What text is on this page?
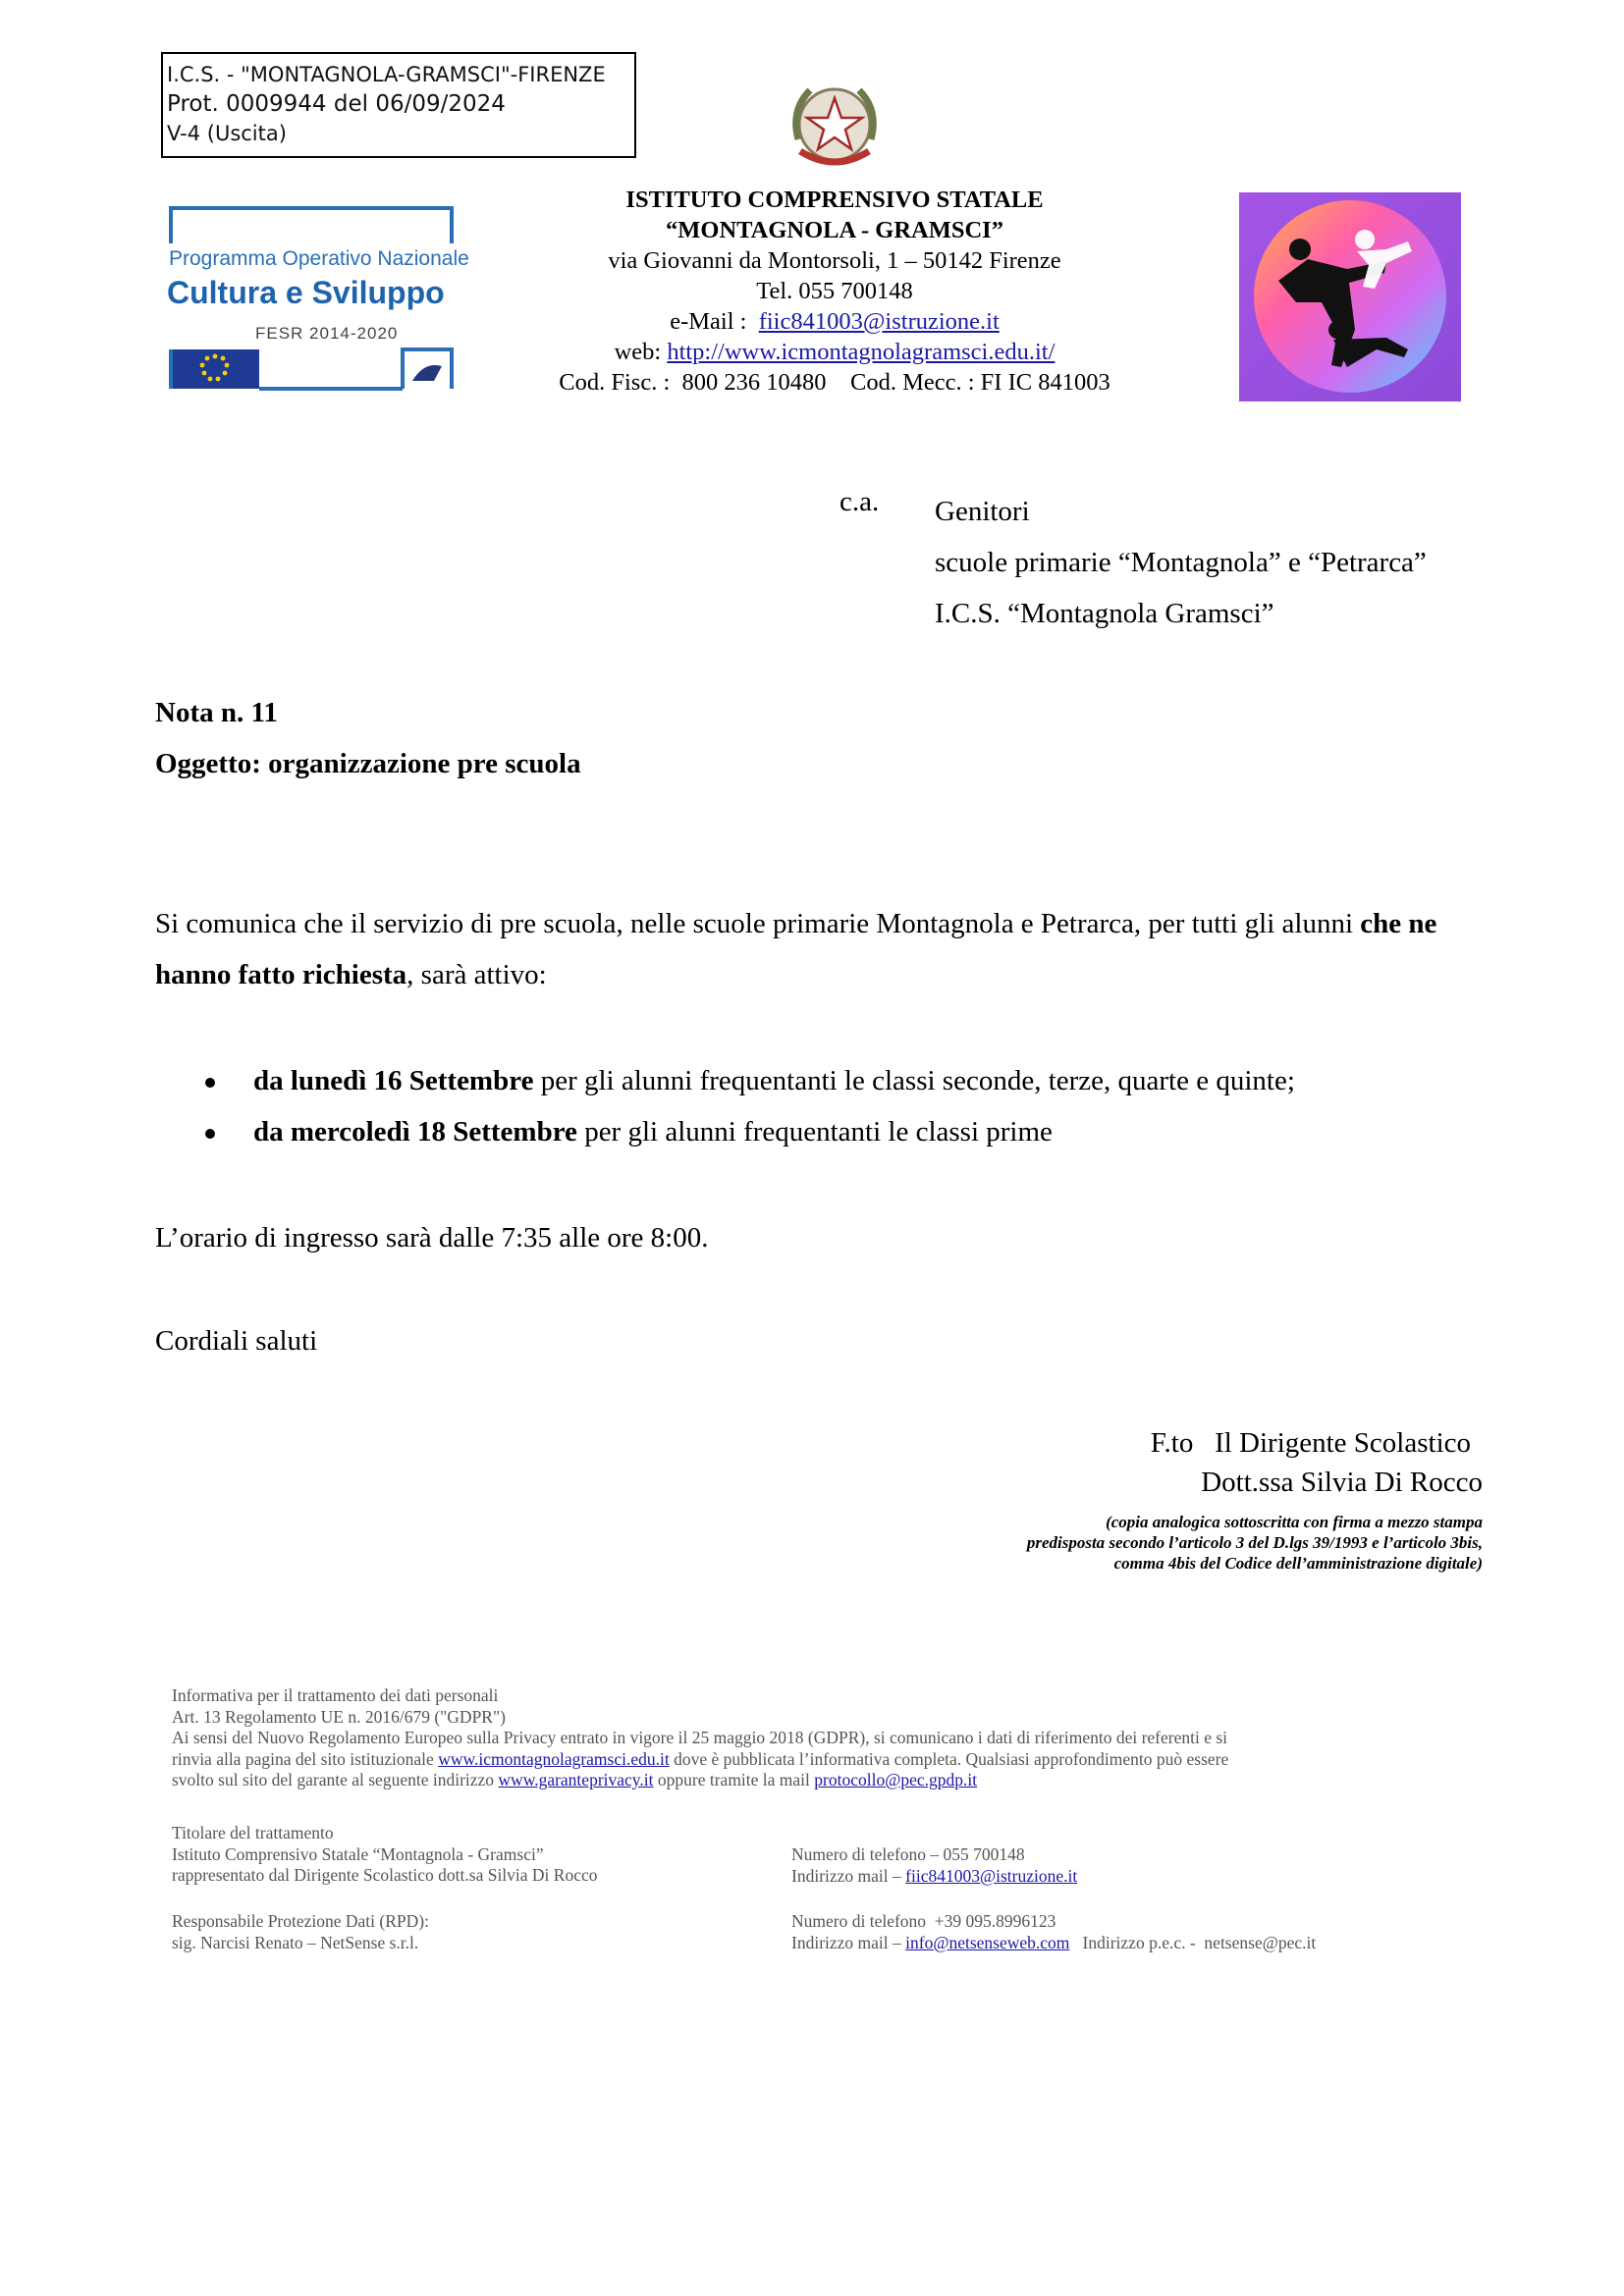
I.C.S. - "MONTAGNOLA-GRAMSCI"-FIRENZE
Prot. 0009944 del 06/09/2024
V-4 (Uscita)
Programma Operativo Nazionale
Cultura e Sviluppo
FESR 2014-2020
ISTITUTO COMPRENSIVO STATALE
“MONTAGNOLA - GRAMSCI”
via Giovanni da Montorsoli, 1 – 50142 Firenze
Tel. 055 700148
e-Mail : fiic841003@istruzione.it
web: http://www.icmontagnolagramsci.edu.it/
Cod. Fisc. :  800 236 10480    Cod. Mecc. : FI IC 841003
c.a. Genitori
scuole primarie “Montagnola” e “Petrarca”
I.C.S. “Montagnola Gramsci”
Nota n. 11
Oggetto: organizzazione pre scuola
Si comunica che il servizio di pre scuola, nelle scuole primarie Montagnola e Petrarca, per tutti gli alunni che ne hanno fatto richiesta, sarà attivo:
da lunedì 16 Settembre per gli alunni frequentanti le classi seconde, terze, quarte e quinte;
da mercoledì 18 Settembre per gli alunni frequentanti le classi prime
L’orario di ingresso sarà dalle 7:35 alle ore 8:00.
Cordiali saluti
F.to   Il Dirigente Scolastico
Dott.ssa Silvia Di Rocco
(copia analogica sottoscritta con firma a mezzo stampa
predisposta secondo l’articolo 3 del D.lgs 39/1993 e l’articolo 3bis,
comma 4bis del Codice dell’amministrazione digitale)
Informativa per il trattamento dei dati personali
Art. 13 Regolamento UE n. 2016/679 ("GDPR")
Ai sensi del Nuovo Regolamento Europeo sulla Privacy entrato in vigore il 25 maggio 2018 (GDPR), si comunicano i dati di riferimento dei referenti e si
rinvia alla pagina del sito istituzionale www.icmontagnolagramsci.edu.it dove è pubblicata l’informativa completa. Qualsiasi approfondimento può essere
svolto sul sito del garante al seguente indirizzo www.garanteprivacy.it oppure tramite la mail protocollo@pec.gpdp.it
Titolare del trattamento
Istituto Comprensivo Statale “Montagnola - Gramsci”
rappresentato dal Dirigente Scolastico dott.sa Silvia Di Rocco
Numero di telefono – 055 700148
Indirizzo mail – fiic841003@istruzione.it
Responsabile Protezione Dati (RPD):
sig. Narcisi Renato – NetSense s.r.l.
Numero di telefono  +39 095.8996123
Indirizzo mail – info@netsenseweb.com   Indirizzo p.e.c. -  netsense@pec.it
